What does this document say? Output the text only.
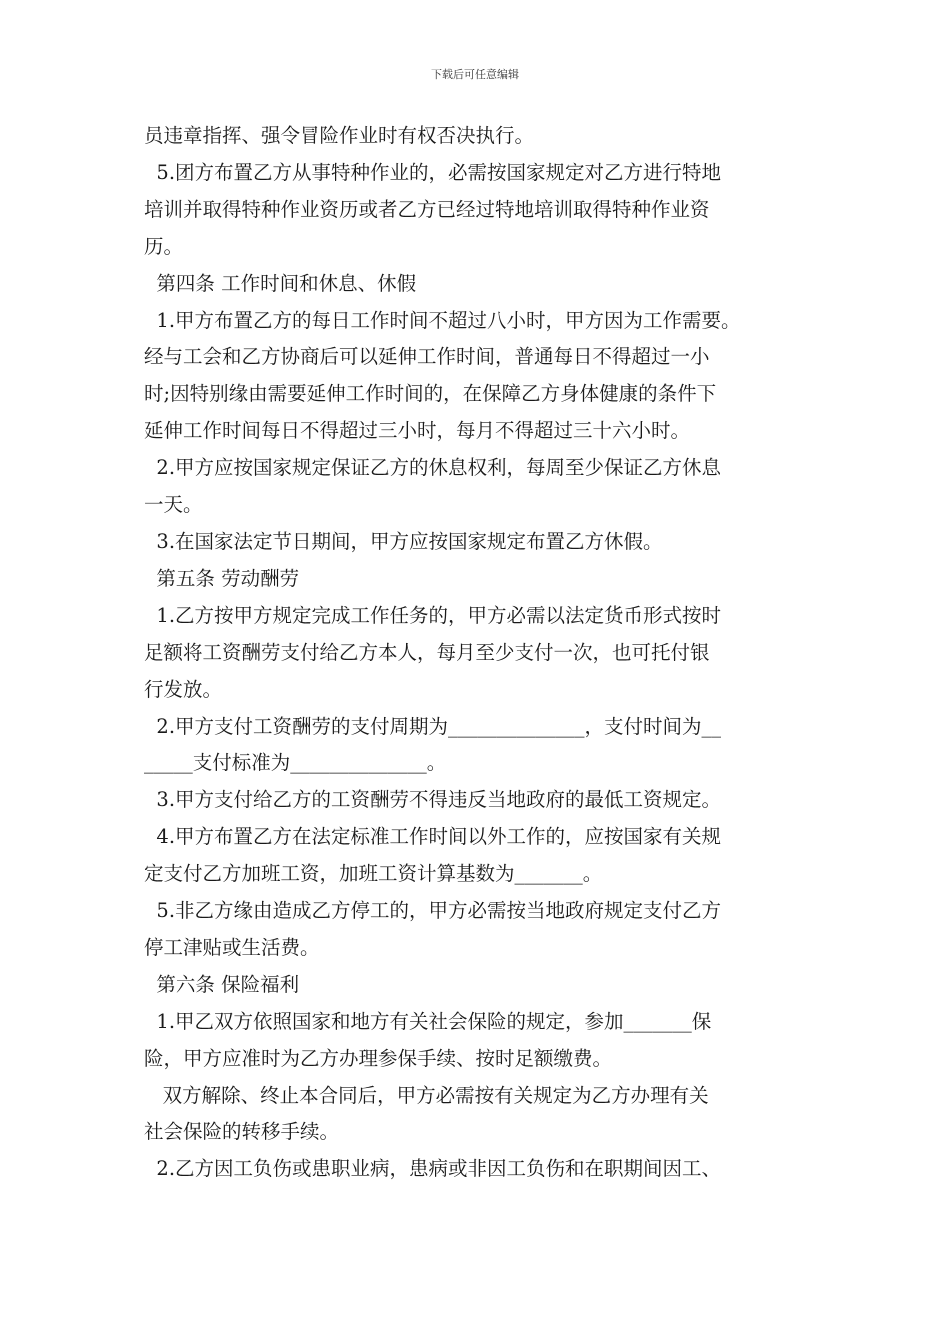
下载后可任意编辑

员违章指挥、强令冒险作业时有权否决执行。

5.团方布置乙方从事特种作业的，必需按国家规定对乙方进行特地

培训并取得特种作业资历或者乙方已经过特地培训取得特种作业资

历。

第四条 工作时间和休息、休假

1.甲方布置乙方的每日工作时间不超过八小时，甲方因为工作需要。

经与工会和乙方协商后可以延伸工作时间，普通每日不得超过一小

时;因特别缘由需要延伸工作时间的，在保障乙方身体健康的条件下

延伸工作时间每日不得超过三小时，每月不得超过三十六小时。

2.甲方应按国家规定保证乙方的休息权利，每周至少保证乙方休息

一天。

3.在国家法定节日期间，甲方应按国家规定布置乙方休假。

第五条 劳动酬劳

1.乙方按甲方规定完成工作任务的，甲方必需以法定货币形式按时

足额将工资酬劳支付给乙方本人，每月至少支付一次，也可托付银

行发放。

2.甲方支付工资酬劳的支付周期为______________，支付时间为__

_____支付标准为______________。

3.甲方支付给乙方的工资酬劳不得违反当地政府的最低工资规定。

4.甲方布置乙方在法定标准工作时间以外工作的，应按国家有关规

定支付乙方加班工资，加班工资计算基数为_______。

5.非乙方缘由造成乙方停工的，甲方必需按当地政府规定支付乙方

停工津贴或生活费。

第六条 保险福利

1.甲乙双方依照国家和地方有关社会保险的规定，参加_______保

险，甲方应准时为乙方办理参保手续、按时足额缴费。

双方解除、终止本合同后，甲方必需按有关规定为乙方办理有关

社会保险的转移手续。

2.乙方因工负伤或患职业病，患病或非因工负伤和在职期间因工、
